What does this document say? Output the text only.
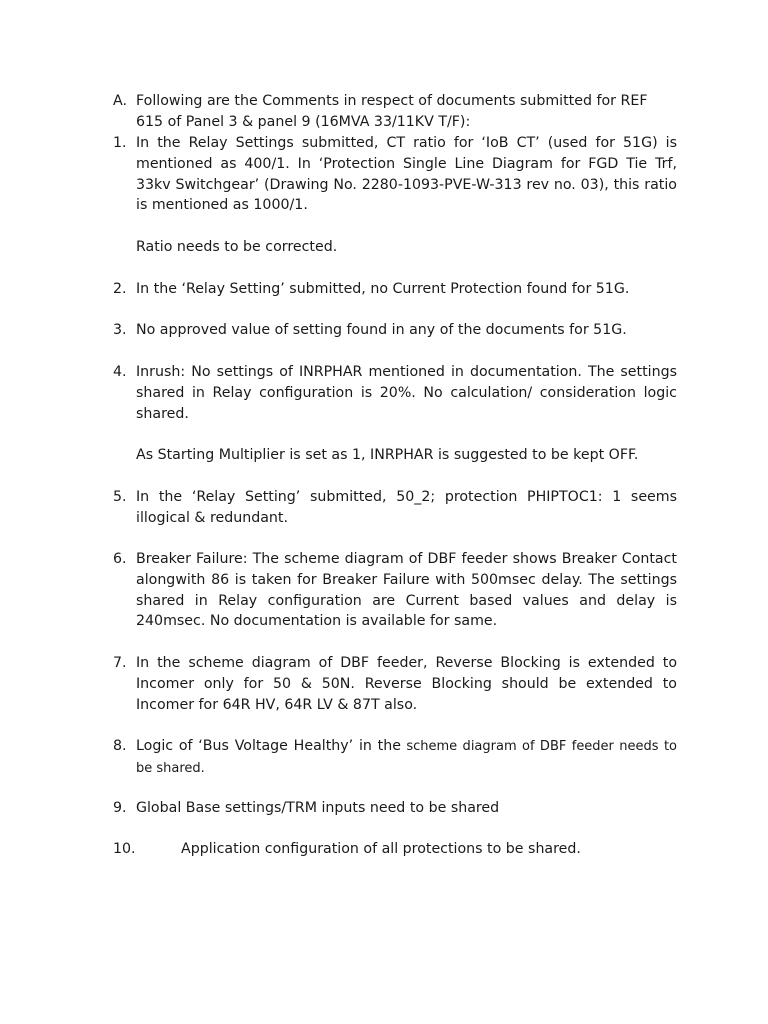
A. Following are the Comments in respect of documents submitted for REF 615 of Panel 3 & panel 9 (16MVA 33/11KV T/F):

1. In the Relay Settings submitted, CT ratio for ‘IoB CT’ (used for 51G) is mentioned as 400/1. In ‘Protection Single Line Diagram for FGD Tie Trf, 33kv Switchgear’ (Drawing No. 2280-1093-PVE-W-313 rev no. 03), this ratio is mentioned as 1000/1.

Ratio needs to be corrected.

2. In the ‘Relay Setting’ submitted, no Current Protection found for 51G.

3. No approved value of setting found in any of the documents for 51G.

4. Inrush: No settings of INRPHAR mentioned in documentation. The settings shared in Relay configuration is 20%. No calculation/ consideration logic shared.

As Starting Multiplier is set as 1, INRPHAR is suggested to be kept OFF.

5. In the ‘Relay Setting’ submitted, 50_2; protection PHIPTOC1: 1 seems illogical & redundant.

6. Breaker Failure: The scheme diagram of DBF feeder shows Breaker Contact alongwith 86 is taken for Breaker Failure with 500msec delay. The settings shared in Relay configuration are Current based values and delay is 240msec. No documentation is available for same.

7. In the scheme diagram of DBF feeder, Reverse Blocking is extended to Incomer only for 50 & 50N. Reverse Blocking should be extended to Incomer for 64R HV, 64R LV & 87T also.

8. Logic of ‘Bus Voltage Healthy’ in the scheme diagram of DBF feeder needs to be shared.

9. Global Base settings/TRM inputs need to be shared

10.	Application configuration of all protections to be shared.
